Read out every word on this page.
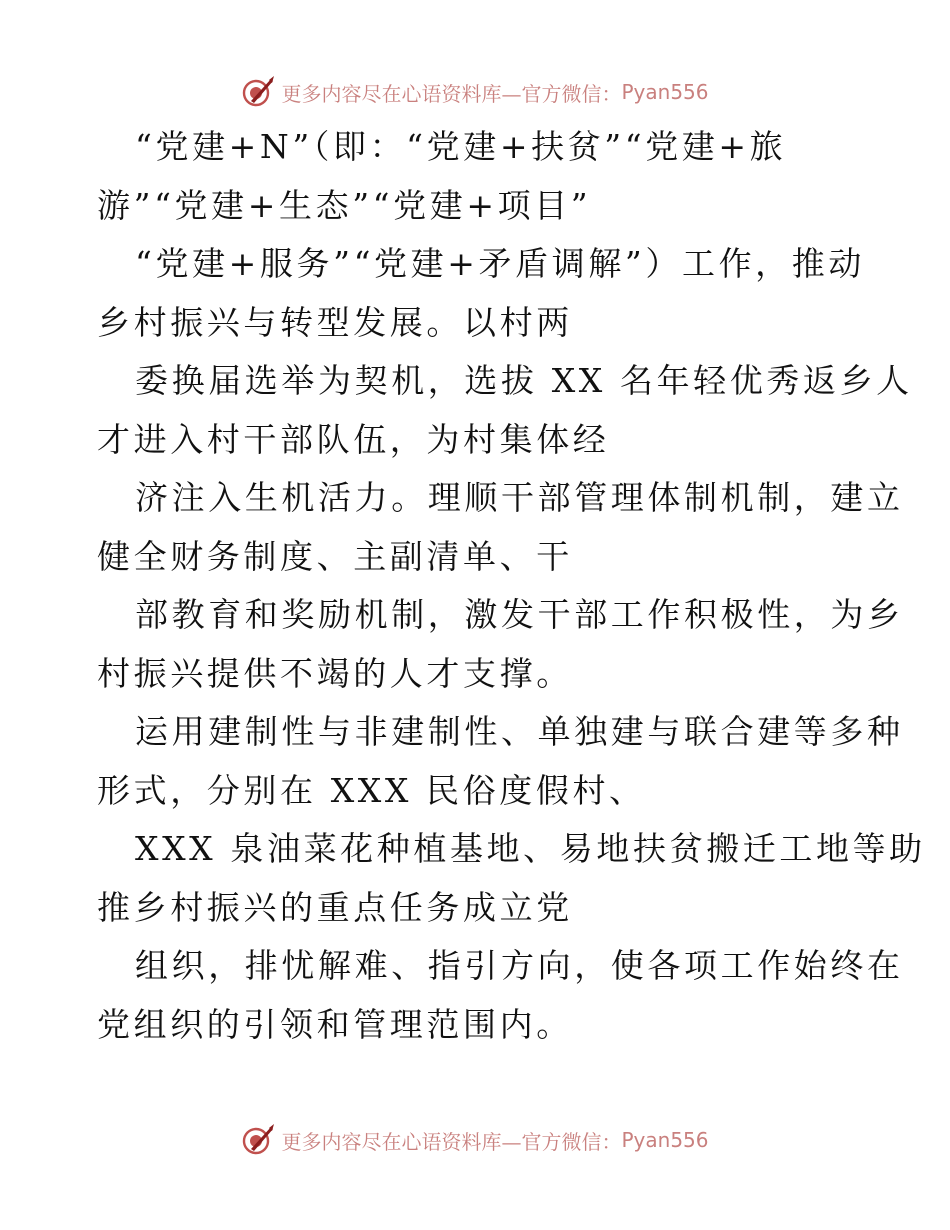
更多内容尽在心语资料库—官方微信： Pyan556
“党建+N”（即：“党建+扶贫”“党建+旅
游”“党建+生态”“党建+项目”
“党建+服务”“党建+矛盾调解”）工作，推动
乡村振兴与转型发展。以村两
委换届选举为契机，选拔 XX 名年轻优秀返乡人
才进入村干部队伍，为村集体经
济注入生机活力。理顺干部管理体制机制，建立
健全财务制度、主副清单、干
部教育和奖励机制，激发干部工作积极性，为乡
村振兴提供不竭的人才支撑。
运用建制性与非建制性、单独建与联合建等多种
形式，分别在 XXX 民俗度假村、
XXX 泉油菜花种植基地、易地扶贫搬迁工地等助
推乡村振兴的重点任务成立党
组织，排忧解难、指引方向，使各项工作始终在
党组织的引领和管理范围内。
更多内容尽在心语资料库—官方微信： Pyan556
